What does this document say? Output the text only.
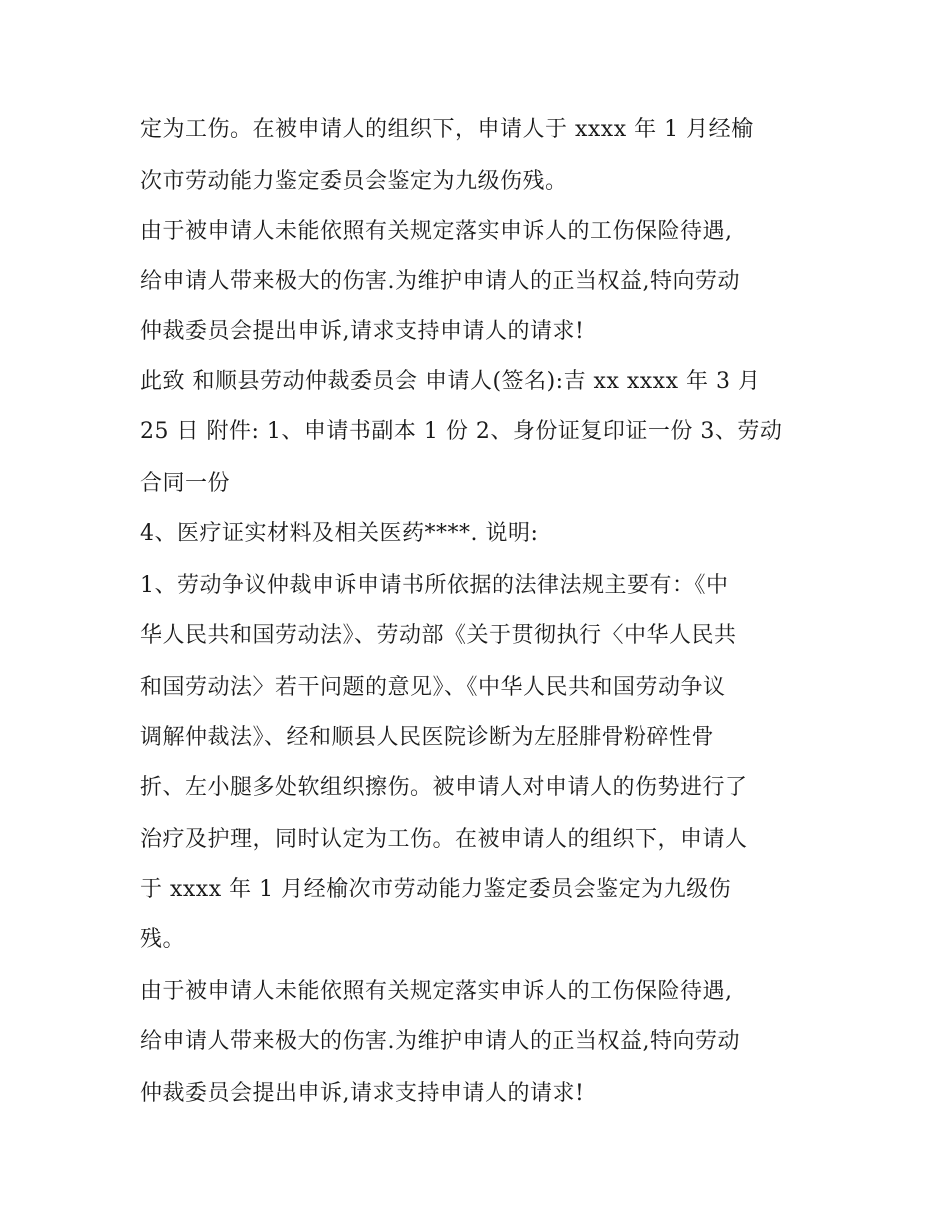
定为工伤。在被申请人的组织下，申请人于 xxxx 年 1 月经榆
次市劳动能力鉴定委员会鉴定为九级伤残。
由于被申请人未能依照有关规定落实申诉人的工伤保险待遇,
给申请人带来极大的伤害.为维护申请人的正当权益,特向劳动
仲裁委员会提出申诉,请求支持申请人的请求!
此致 和顺县劳动仲裁委员会 申请人(签名):吉 xx xxxx 年 3 月
25 日 附件: 1、申请书副本 1 份 2、身份证复印证一份 3、劳动
合同一份
4、医疗证实材料及相关医药****. 说明:
1、劳动争议仲裁申诉申请书所依据的法律法规主要有：《中
华人民共和国劳动法》、劳动部《关于贯彻执行〈中华人民共
和国劳动法〉若干问题的意见》、《中华人民共和国劳动争议
调解仲裁法》、经和顺县人民医院诊断为左胫腓骨粉碎性骨
折、左小腿多处软组织擦伤。被申请人对申请人的伤势进行了
治疗及护理，同时认定为工伤。在被申请人的组织下，申请人
于 xxxx 年 1 月经榆次市劳动能力鉴定委员会鉴定为九级伤
残。
由于被申请人未能依照有关规定落实申诉人的工伤保险待遇,
给申请人带来极大的伤害.为维护申请人的正当权益,特向劳动
仲裁委员会提出申诉,请求支持申请人的请求!
